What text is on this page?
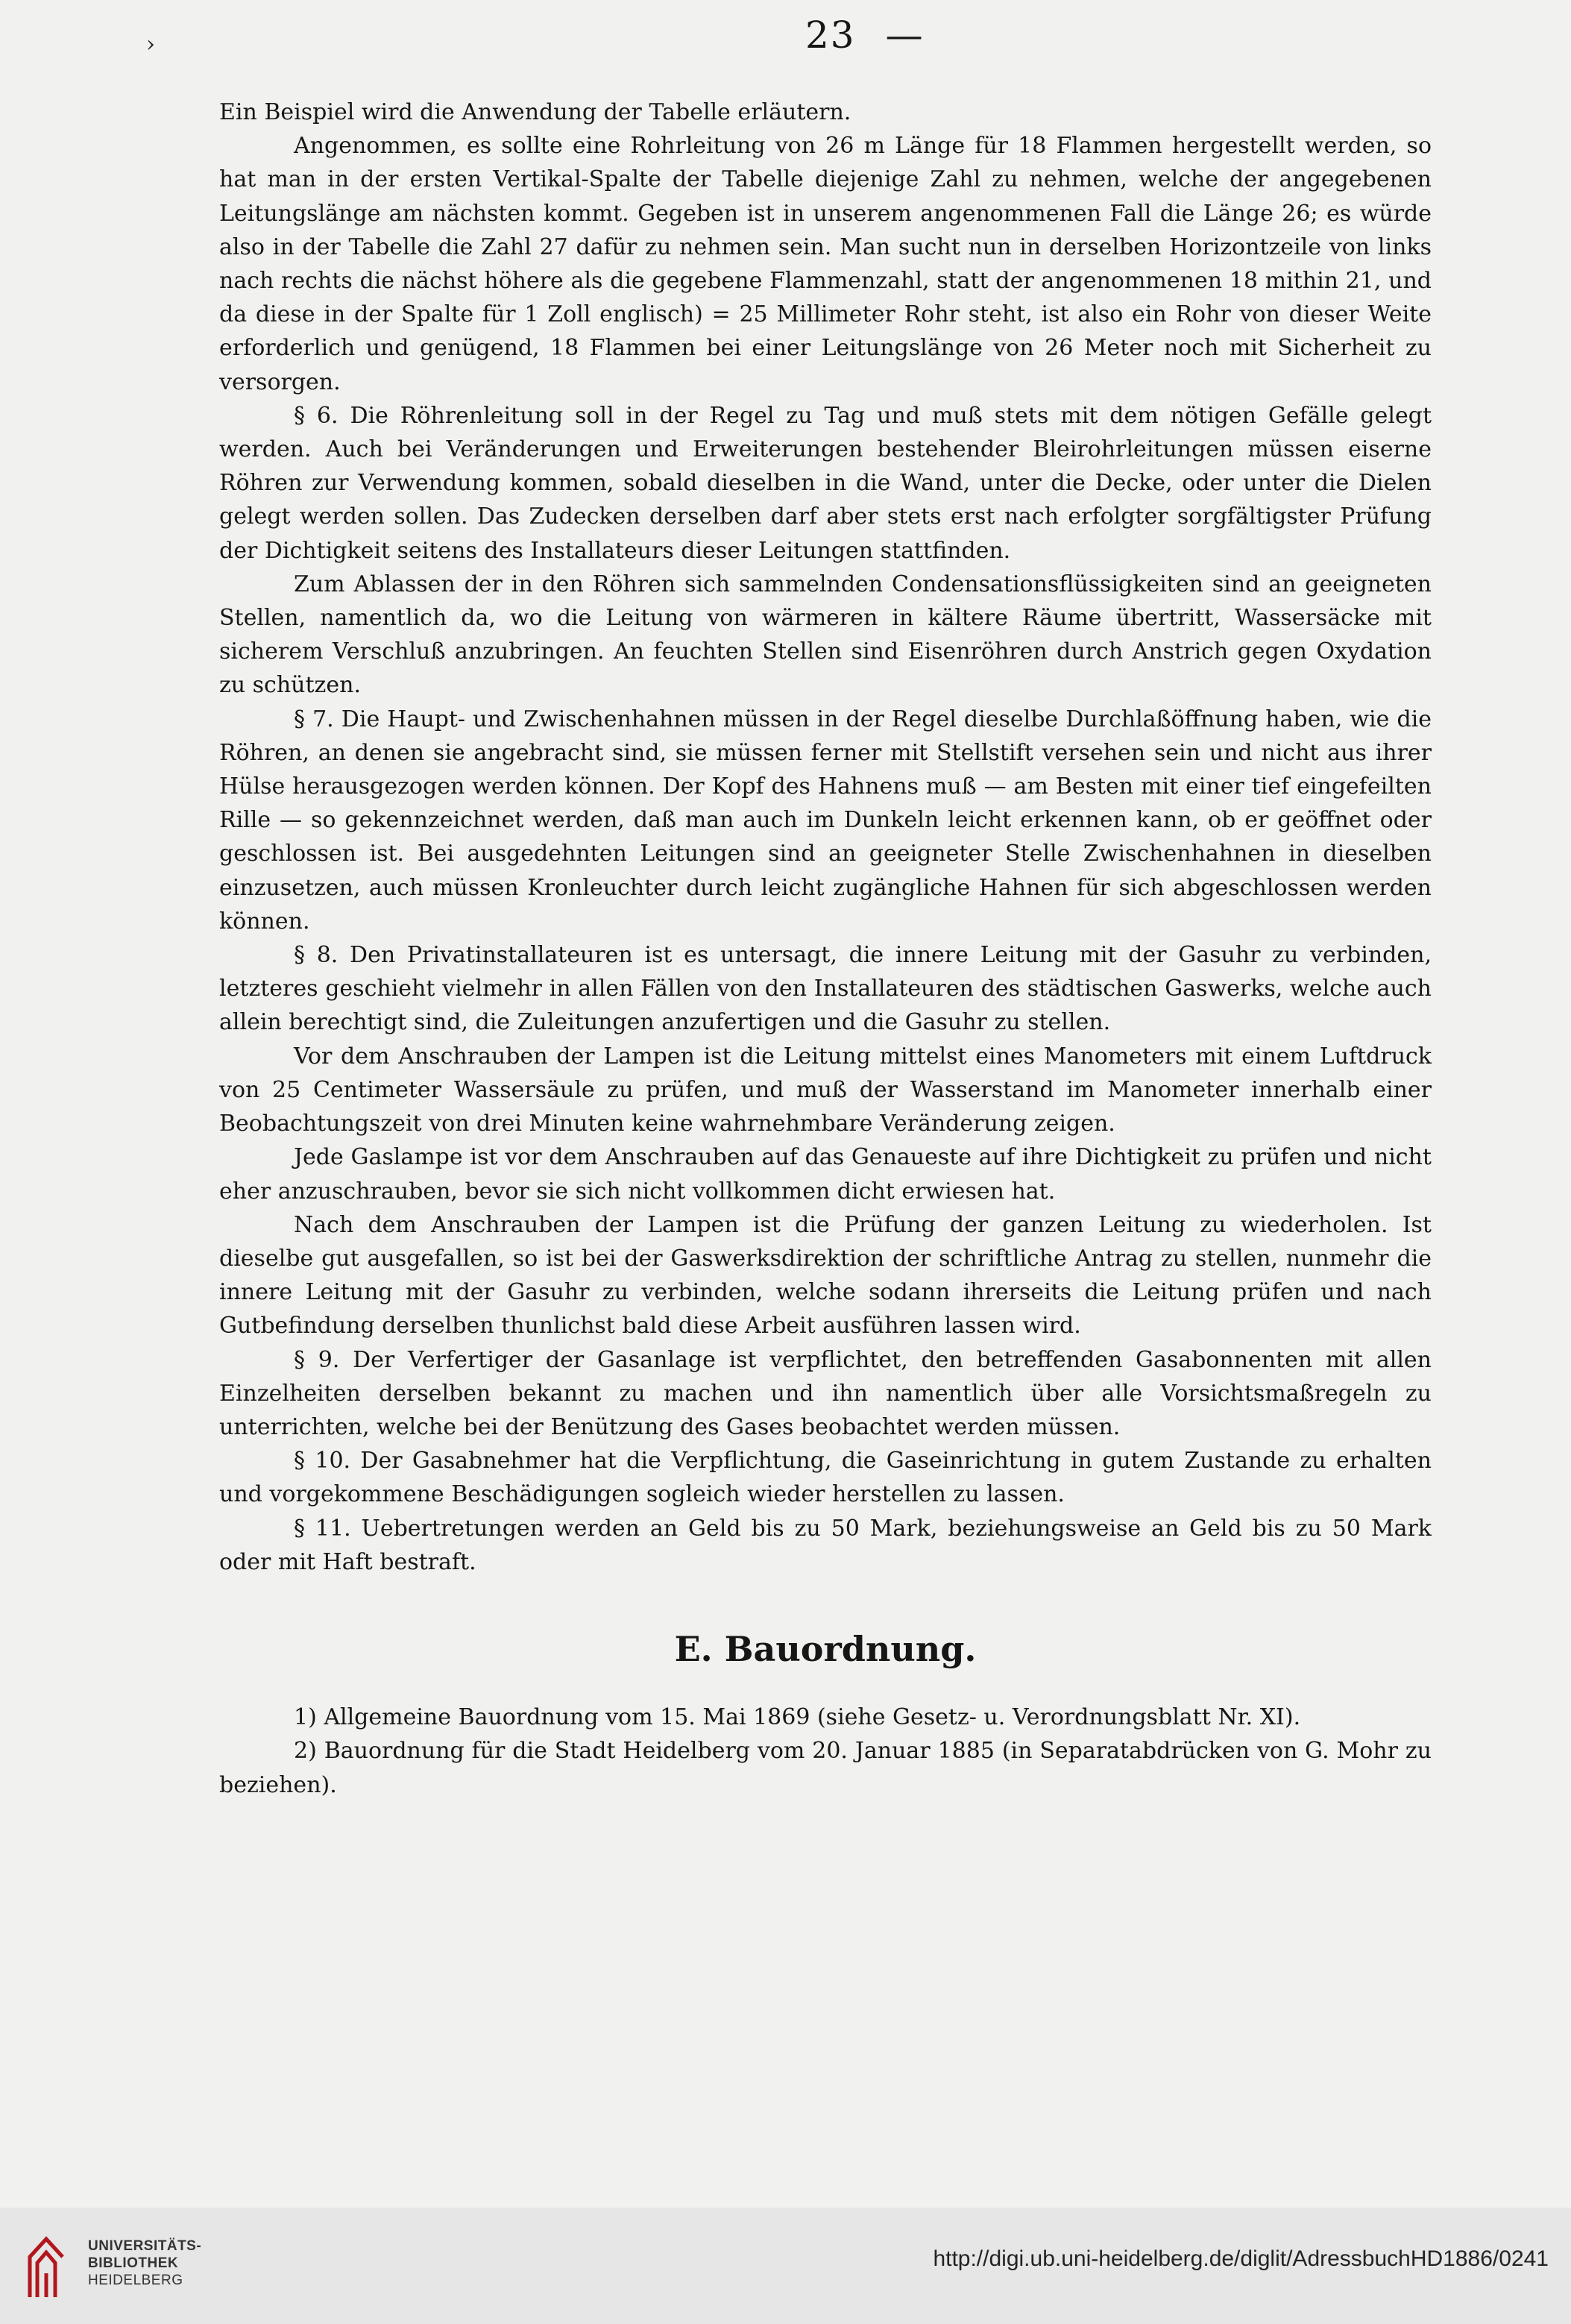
›	23 —

Ein Beispiel wird die Anwendung der Tabelle erläutern.

Angenommen, es sollte eine Rohrleitung von 26 m Länge für 18 Flammen hergestellt werden, so hat man in der ersten Vertikal-Spalte der Tabelle diejenige Zahl zu nehmen, welche der angegebenen Leitungslänge am nächsten kommt. Gegeben ist in unserem angenommenen Fall die Länge 26; es würde also in der Tabelle die Zahl 27 dafür zu nehmen sein. Man sucht nun in derselben Horizontzeile von links nach rechts die nächst höhere als die gegebene Flammenzahl, statt der angenommenen 18 mithin 21, und da diese in der Spalte für 1 Zoll englisch) = 25 Millimeter Rohr steht, ist also ein Rohr von dieser Weite erforderlich und genügend, 18 Flammen bei einer Leitungslänge von 26 Meter noch mit Sicherheit zu versorgen.

§ 6. Die Röhrenleitung soll in der Regel zu Tag und muß stets mit dem nötigen Gefälle gelegt werden. Auch bei Veränderungen und Erweiterungen bestehender Bleirohrleitungen müssen eiserne Röhren zur Verwendung kommen, sobald dieselben in die Wand, unter die Decke, oder unter die Dielen gelegt werden sollen. Das Zudecken derselben darf aber stets erst nach erfolgter sorgfältigster Prüfung der Dichtigkeit seitens des Installateurs dieser Leitungen stattfinden.

Zum Ablassen der in den Röhren sich sammelnden Condensationsflüssigkeiten sind an geeigneten Stellen, namentlich da, wo die Leitung von wärmeren in kältere Räume übertritt, Wassersäcke mit sicherem Verschluß anzubringen. An feuchten Stellen sind Eisenröhren durch Anstrich gegen Oxydation zu schützen.

§ 7. Die Haupt- und Zwischenhahnen müssen in der Regel dieselbe Durchlaßöffnung haben, wie die Röhren, an denen sie angebracht sind, sie müssen ferner mit Stellstift versehen sein und nicht aus ihrer Hülse herausgezogen werden können. Der Kopf des Hahnens muß — am Besten mit einer tief eingefeilten Rille — so gekennzeichnet werden, daß man auch im Dunkeln leicht erkennen kann, ob er geöffnet oder geschlossen ist. Bei ausgedehnten Leitungen sind an geeigneter Stelle Zwischenhahnen in dieselben einzusetzen, auch müssen Kronleuchter durch leicht zugängliche Hahnen für sich abgeschlossen werden können.

§ 8. Den Privatinstallateuren ist es untersagt, die innere Leitung mit der Gasuhr zu verbinden, letzteres geschieht vielmehr in allen Fällen von den Installateuren des städtischen Gaswerks, welche auch allein berechtigt sind, die Zuleitungen anzufertigen und die Gasuhr zu stellen.

Vor dem Anschrauben der Lampen ist die Leitung mittelst eines Manometers mit einem Luftdruck von 25 Centimeter Wassersäule zu prüfen, und muß der Wasserstand im Manometer innerhalb einer Beobachtungszeit von drei Minuten keine wahrnehmbare Veränderung zeigen.

Jede Gaslampe ist vor dem Anschrauben auf das Genaueste auf ihre Dichtigkeit zu prüfen und nicht eher anzuschrauben, bevor sie sich nicht vollkommen dicht erwiesen hat.

Nach dem Anschrauben der Lampen ist die Prüfung der ganzen Leitung zu wiederholen. Ist dieselbe gut ausgefallen, so ist bei der Gaswerksdirektion der schriftliche Antrag zu stellen, nunmehr die innere Leitung mit der Gasuhr zu verbinden, welche sodann ihrerseits die Leitung prüfen und nach Gutbefindung derselben thunlichst bald diese Arbeit ausführen lassen wird.

§ 9. Der Verfertiger der Gasanlage ist verpflichtet, den betreffenden Gasabonnenten mit allen Einzelheiten derselben bekannt zu machen und ihn namentlich über alle Vorsichtsmaßregeln zu unterrichten, welche bei der Benützung des Gases beobachtet werden müssen.

§ 10. Der Gasabnehmer hat die Verpflichtung, die Gaseinrichtung in gutem Zustande zu erhalten und vorgekommene Beschädigungen sogleich wieder herstellen zu lassen.

§ 11. Uebertretungen werden an Geld bis zu 50 Mark, beziehungsweise an Geld bis zu 50 Mark oder mit Haft bestraft.

E. Bauordnung.

1) Allgemeine Bauordnung vom 15. Mai 1869 (siehe Gesetz- u. Verordnungsblatt Nr. XI).

2) Bauordnung für die Stadt Heidelberg vom 20. Januar 1885 (in Separatabdrücken von G. Mohr zu beziehen).

UNIVERSITÄTS-
BIBLIOTHEK
HEIDELBERG
http://digi.ub.uni-heidelberg.de/diglit/AdressbuchHD1886/0241
